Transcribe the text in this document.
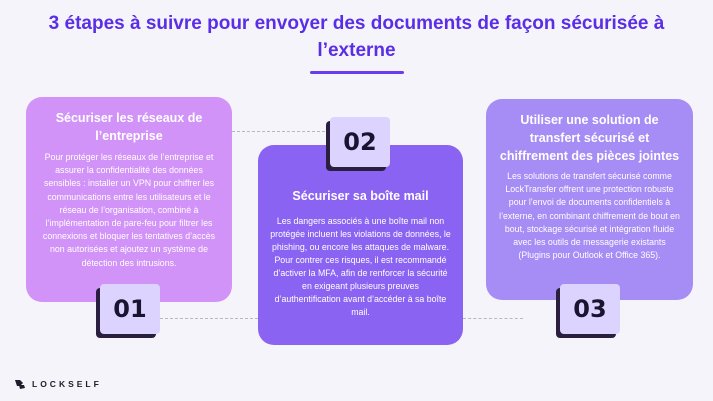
3 étapes à suivre pour envoyer des documents de façon sécurisée à l’externe
Sécuriser les réseaux de l’entreprise

Pour protéger les réseaux de l’entreprise et assurer la confidentialité des données sensibles : installer un VPN pour chiffrer les communications entre les utilisateurs et le réseau de l’organisation, combiné à l’implémentation de pare-feu pour filtrer les connexions et bloquer les tentatives d’accès non autorisées et ajoutez un système de détection des intrusions.

Sécuriser sa boîte mail

Les dangers associés à une boîte mail non protégée incluent les violations de données, le phishing, ou encore les attaques de malware. Pour contrer ces risques, il est recommandé d’activer la MFA, afin de renforcer la sécurité en exigeant plusieurs preuves d’authentification avant d’accéder à sa boîte mail.

Utiliser une solution de transfert sécurisé et chiffrement des pièces jointes

Les solutions de transfert sécurisé comme LockTransfer offrent une protection robuste pour l’envoi de documents confidentiels à l’externe, en combinant chiffrement de bout en bout, stockage sécurisé et intégration fluide avec les outils de messagerie existants (Plugins pour Outlook et Office 365).

01
02
03
LOCKSELF
